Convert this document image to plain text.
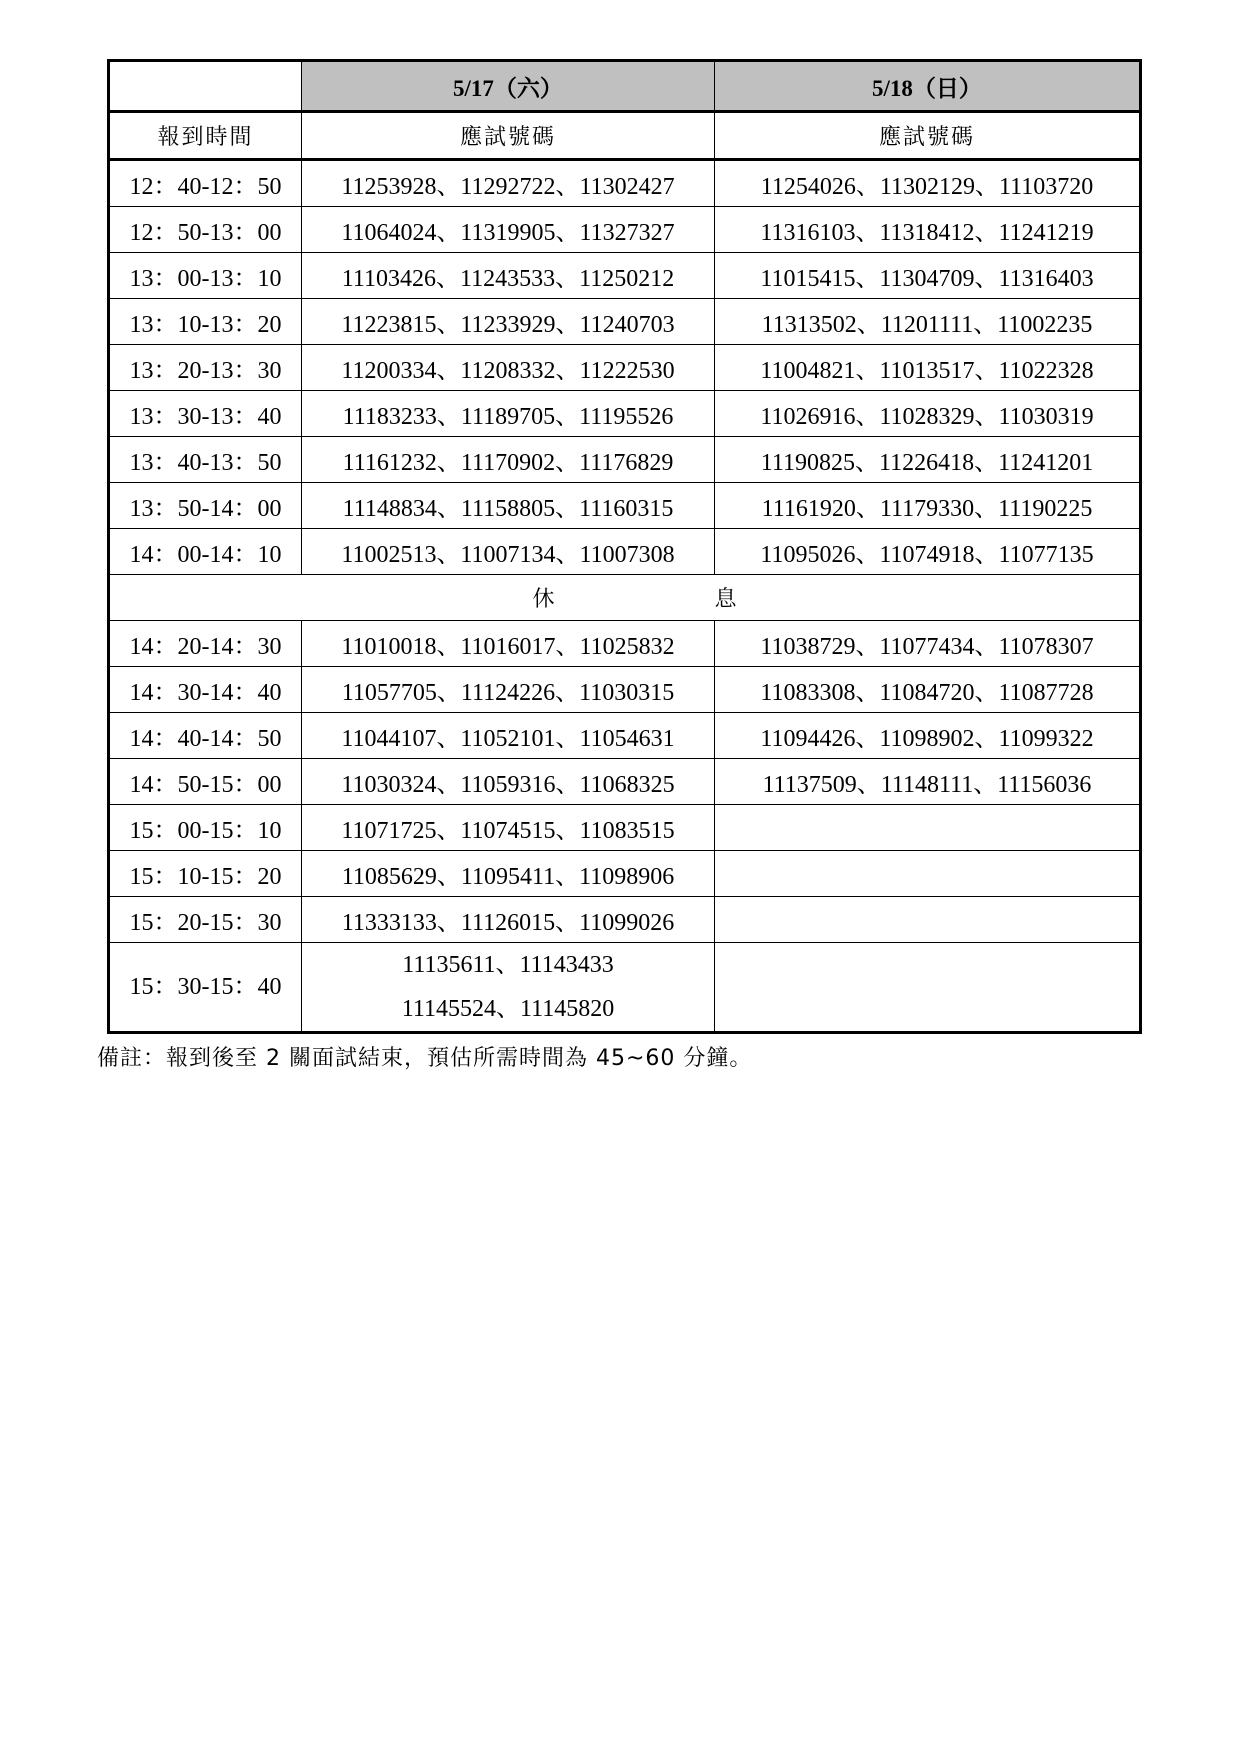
	5/17（六）	5/18（日）
報到時間	應試號碼	應試號碼
12：40-12：50	11253928、11292722、11302427	11254026、11302129、11103720
12：50-13：00	11064024、11319905、11327327	11316103、11318412、11241219
13：00-13：10	11103426、11243533、11250212	11015415、11304709、11316403
13：10-13：20	11223815、11233929、11240703	11313502、11201111、11002235
13：20-13：30	11200334、11208332、11222530	11004821、11013517、11022328
13：30-13：40	11183233、11189705、11195526	11026916、11028329、11030319
13：40-13：50	11161232、11170902、11176829	11190825、11226418、11241201
13：50-14：00	11148834、11158805、11160315	11161920、11179330、11190225
14：00-14：10	11002513、11007134、11007308	11095026、11074918、11077135

休 息		

14：20-14：30	11010018、11016017、11025832	11038729、11077434、11078307
14：30-14：40	11057705、11124226、11030315	11083308、11084720、11087728
14：40-14：50	11044107、11052101、11054631	11094426、11098902、11099322
14：50-15：00	11030324、11059316、11068325	11137509、11148111、11156036
15：00-15：10	11071725、11074515、11083515	
15：10-15：20	11085629、11095411、11098906	
15：20-15：30	11333133、11126015、11099026	
15：30-15：40	11135611、11143433
11145524、11145820	

備註：報到後至 2 關面試結束，預估所需時間為 45~60 分鐘。
